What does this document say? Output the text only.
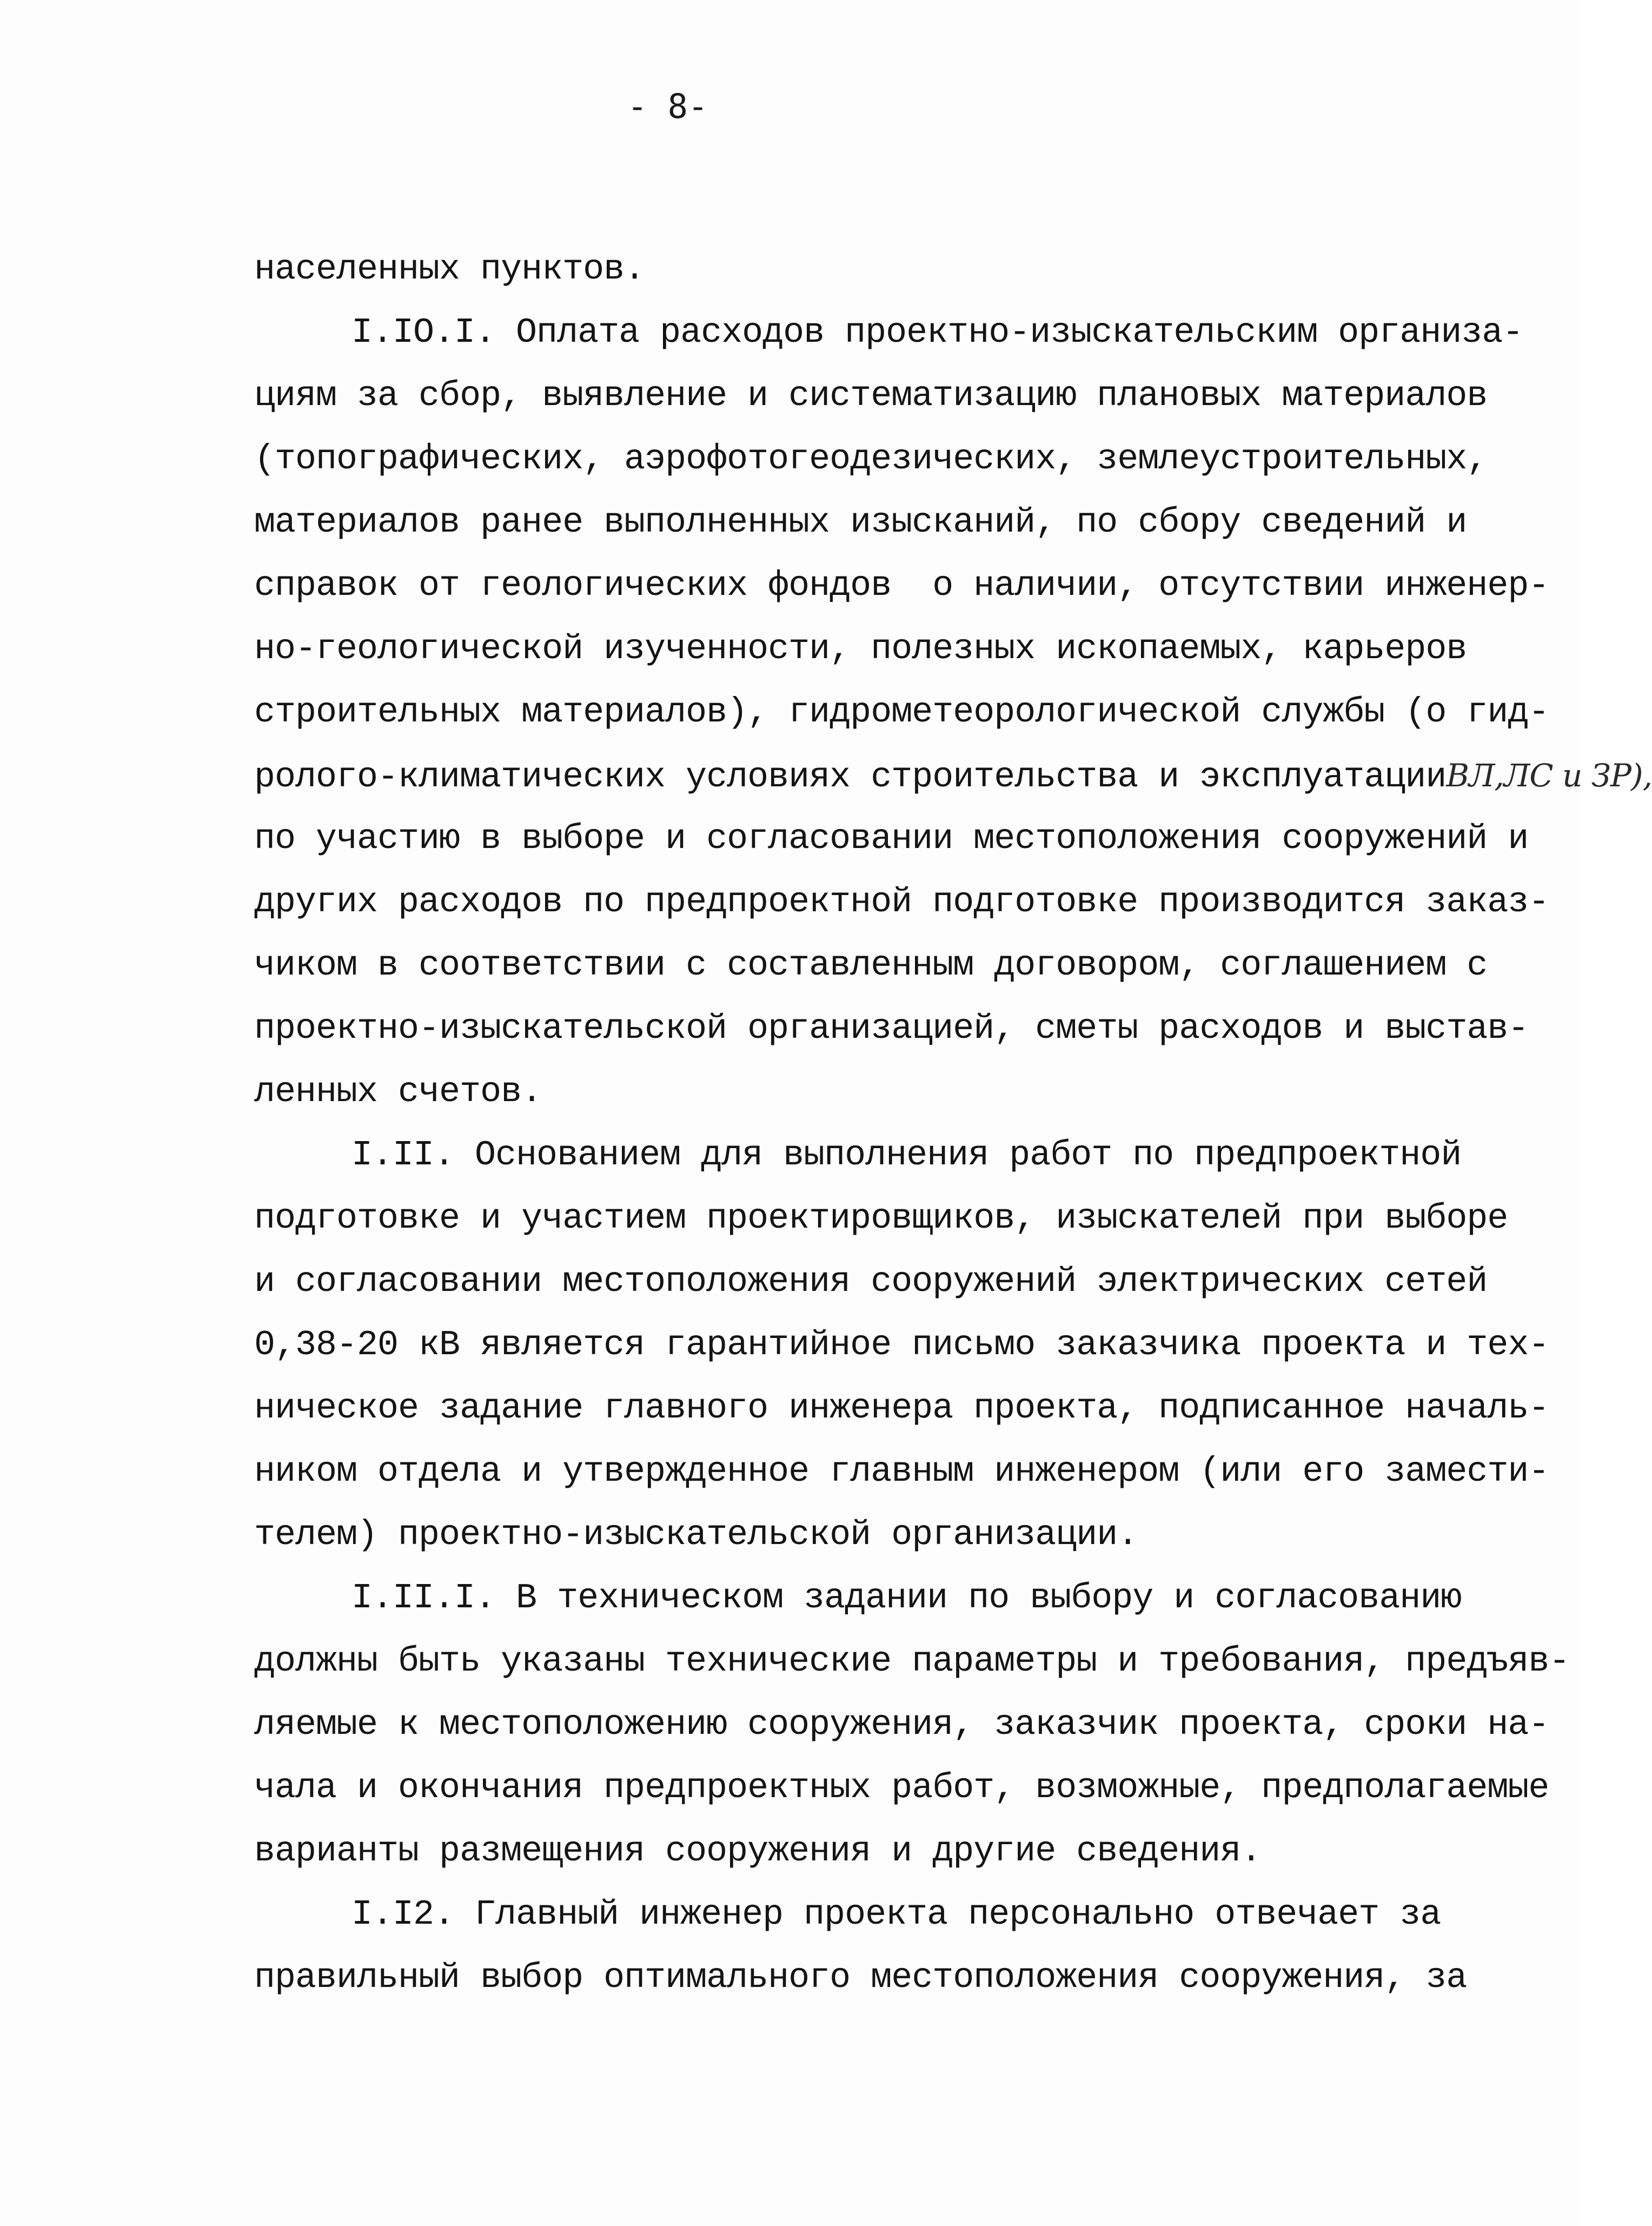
- 8-
населенных пунктов.
I.IO.I. Оплата расходов проектно-изыскательским организа-
циям за сбор, выявление и систематизацию плановых материалов
(топографических, аэрофотогеодезических, землеустроительных,
материалов ранее выполненных изысканий, по сбору сведений и
справок от геологических фондов  о наличии, отсутствии инженер-
но-геологической изученности, полезных ископаемых, карьеров
строительных материалов), гидрометеорологической службы (о гид-
ролого-климатических условиях строительства и эксплуатацииВЛ,ЛС и ЗР),
по участию в выборе и согласовании местоположения сооружений и
других расходов по предпроектной подготовке производится заказ-
чиком в соответствии с составленным договором, соглашением с
проектно-изыскательской организацией, сметы расходов и выстав-
ленных счетов.
I.II. Основанием для выполнения работ по предпроектной
подготовке и участием проектировщиков, изыскателей при выборе
и согласовании местоположения сооружений электрических сетей
0,38-20 кВ является гарантийное письмо заказчика проекта и тех-
ническое задание главного инженера проекта, подписанное началь-
ником отдела и утвержденное главным инженером (или его замести-
телем) проектно-изыскательской организации.
I.II.I. В техническом задании по выбору и согласованию
должны быть указаны технические параметры и требования, предъяв-
ляемые к местоположению сооружения, заказчик проекта, сроки на-
чала и окончания предпроектных работ, возможные, предполагаемые
варианты размещения сооружения и другие сведения.
I.I2. Главный инженер проекта персонально отвечает за
правильный выбор оптимального местоположения сооружения, за
